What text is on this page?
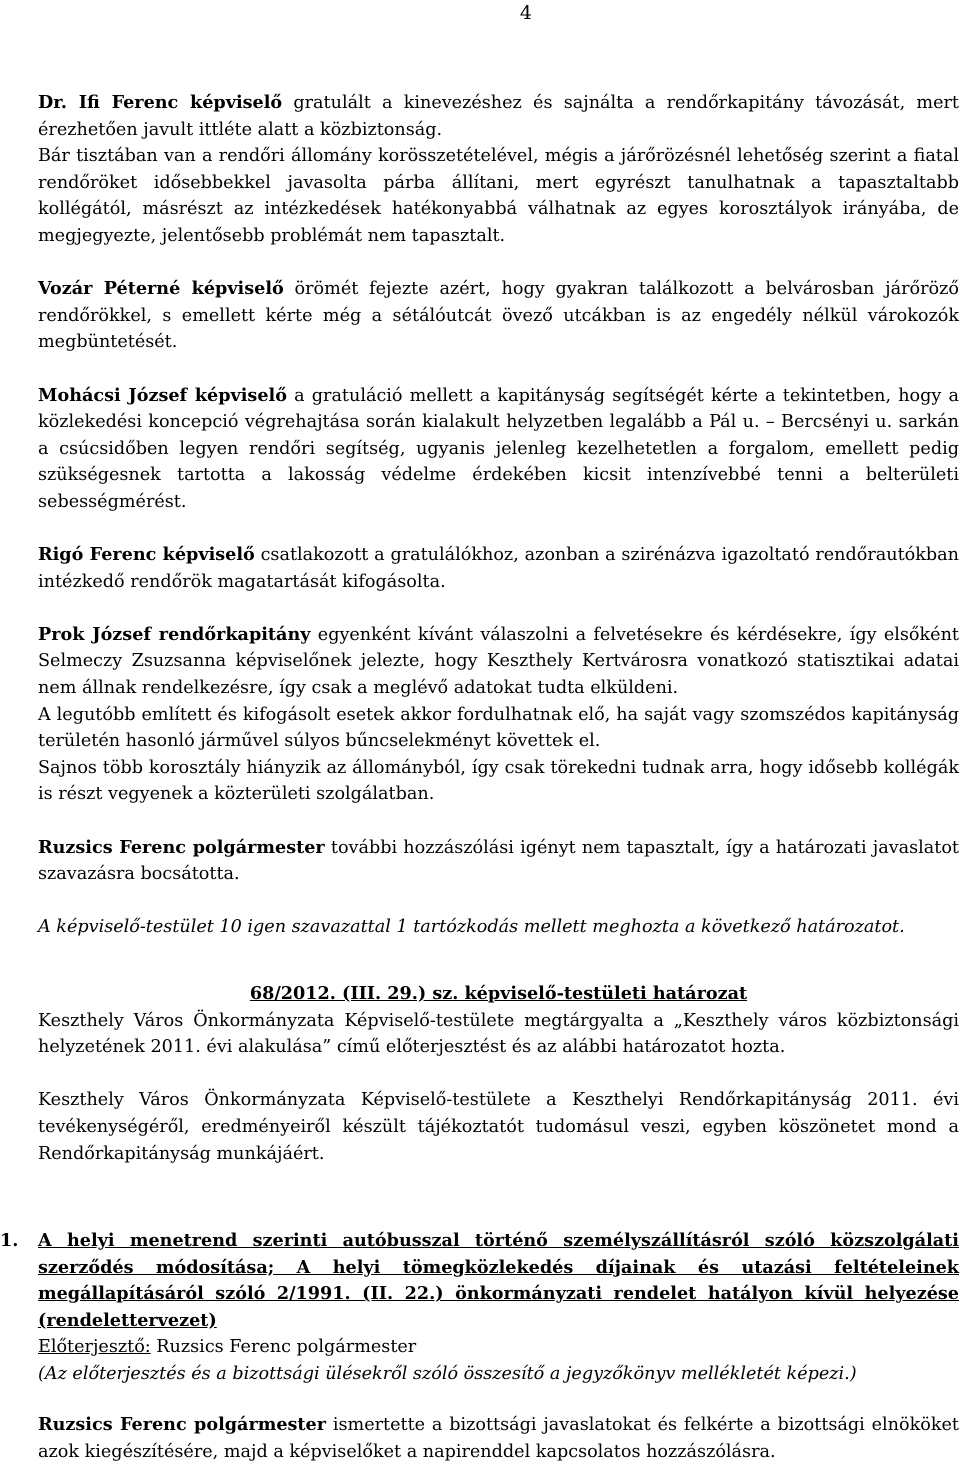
4

Dr. Ifi Ferenc képviselő gratulált a kinevezéshez és sajnálta a rendőrkapitány távozását, mert érezhetően javult ittléte alatt a közbiztonság.

Bár tisztában van a rendőri állomány korösszetételével, mégis a járőrözésnél lehetőség szerint a fiatal rendőröket idősebbekkel javasolta párba állítani, mert egyrészt tanulhatnak a tapasztaltabb kollégától, másrészt az intézkedések hatékonyabbá válhatnak az egyes korosztályok irányába, de megjegyezte, jelentősebb problémát nem tapasztalt.

Vozár Péterné képviselő örömét fejezte azért, hogy gyakran találkozott a belvárosban járőröző rendőrökkel, s emellett kérte még a sétálóutcát övező utcákban is az engedély nélkül várokozók megbüntetését.

Mohácsi József képviselő a gratuláció mellett a kapitányság segítségét kérte a tekintetben, hogy a közlekedési koncepció végrehajtása során kialakult helyzetben legalább a Pál u. – Bercsényi u. sarkán a csúcsidőben legyen rendőri segítség, ugyanis jelenleg kezelhetetlen a forgalom, emellett pedig szükségesnek tartotta a lakosság védelme érdekében kicsit intenzívebbé tenni a belterületi sebességmérést.

Rigó Ferenc képviselő csatlakozott a gratulálókhoz, azonban a szirénázva igazoltató rendőrautókban intézkedő rendőrök magatartását kifogásolta.

Prok József rendőrkapitány egyenként kívánt válaszolni a felvetésekre és kérdésekre, így elsőként Selmeczy Zsuzsanna képviselőnek jelezte, hogy Keszthely Kertvárosra vonatkozó statisztikai adatai nem állnak rendelkezésre, így csak a meglévő adatokat tudta elküldeni.

A legutóbb említett és kifogásolt esetek akkor fordulhatnak elő, ha saját vagy szomszédos kapitányság területén hasonló járművel súlyos bűncselekményt követtek el.

Sajnos több korosztály hiányzik az állományból, így csak törekedni tudnak arra, hogy idősebb kollégák is részt vegyenek a közterületi szolgálatban.

Ruzsics Ferenc polgármester további hozzászólási igényt nem tapasztalt, így a határozati javaslatot szavazásra bocsátotta.

A képviselő-testület 10 igen szavazattal 1 tartózkodás mellett meghozta a következő határozatot.

68/2012. (III. 29.) sz. képviselő-testületi határozat

Keszthely Város Önkormányzata Képviselő-testülete megtárgyalta a „Keszthely város közbiztonsági helyzetének 2011. évi alakulása” című előterjesztést és az alábbi határozatot hozta.

Keszthely Város Önkormányzata Képviselő-testülete a Keszthelyi Rendőrkapitányság 2011. évi tevékenységéről, eredményeiről készült tájékoztatót tudomásul veszi, egyben köszönetet mond a Rendőrkapitányság munkájáért.

1.	A helyi menetrend szerinti autóbusszal történő személyszállításról szóló közszolgálati szerződés módosítása; A helyi tömegközlekedés díjainak és utazási feltételeinek megállapításáról szóló 2/1991. (II. 22.) önkormányzati rendelet hatályon kívül helyezése (rendelettervezet)

Előterjesztő: Ruzsics Ferenc polgármester

(Az előterjesztés és a bizottsági ülésekről szóló összesítő a jegyzőkönyv mellékletét képezi.)

Ruzsics Ferenc polgármester ismertette a bizottsági javaslatokat és felkérte a bizottsági elnököket azok kiegészítésére, majd a képviselőket a napirenddel kapcsolatos hozzászólásra.
